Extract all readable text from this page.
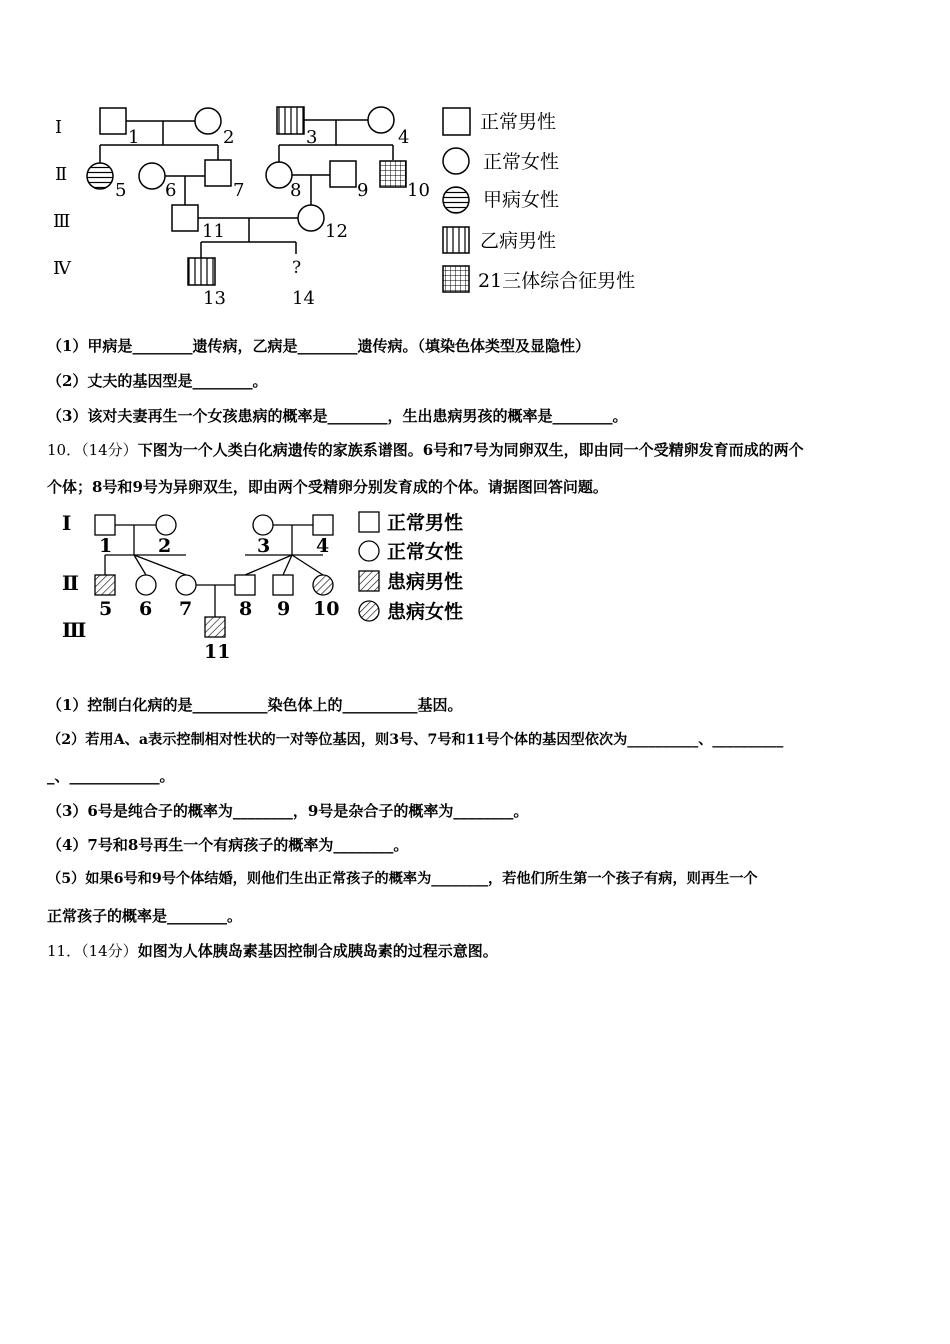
Ⅰ
Ⅱ
Ⅲ
Ⅳ
1	2	3	4
5 6	7	8	9 10
11	12
?
13	14
正常男性
正常女性
甲病女性
乙病男性
21三体综合征男性
（1）甲病是________遗传病，乙病是________遗传病。（填染色体类型及显隐性）
（2）丈夫的基因型是________。
（3）该对夫妻再生一个女孩患病的概率是________，生出患病男孩的概率是________。
10．（14分）下图为一个人类白化病遗传的家族系谱图。6号和7号为同卵双生，即由同一个受精卵发育而成的两个
个体；8号和9号为异卵双生，即由两个受精卵分别发育成的个体。请据图回答问题。
Ⅰ
Ⅱ
Ⅲ
1 2	3 4
5 6 7 8 9 10
11
正常男性
正常女性
患病男性
患病女性
（1）控制白化病的是__________染色体上的__________基因。
（2）若用A、a表示控制相对性状的一对等位基因，则3号、7号和11号个体的基因型依次为__________、__________
_、____________。
（3）6号是纯合子的概率为________，9号是杂合子的概率为________。
（4）7号和8号再生一个有病孩子的概率为________。
（5）如果6号和9号个体结婚，则他们生出正常孩子的概率为________，若他们所生第一个孩子有病，则再生一个
正常孩子的概率是________。
11．（14分）如图为人体胰岛素基因控制合成胰岛素的过程示意图。
